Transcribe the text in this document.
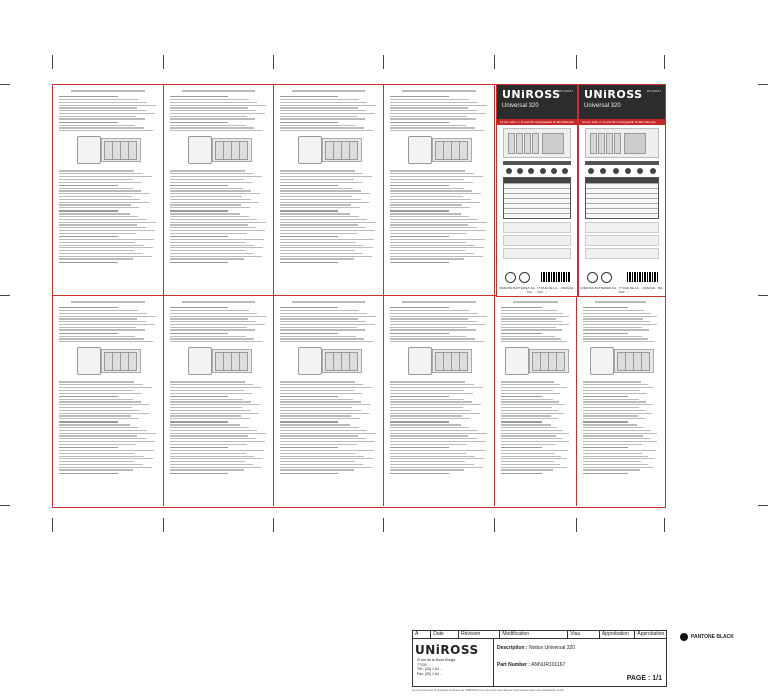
UNiROSS
RC101167
Universal 320
for AA, AAA, C, D and 9V rechargeable Ni-MH batteries
UNIROSS BATTERIES SA - 77 RUE DE LA ... FRANCE - TEL: ... FAX: ...
UNiROSS RC101167
Universal 320
for AA, AAA, C, D and 9V rechargeable Ni-MH batteries
UNIROSS BATTERIES SA - 77 RUE DE LA ... FRANCE - TEL: ... FAX: ...
A	Date	Révision	Modification	Visa	Approbation	Approbation
UNiROSS
ZI rue de la Noue Rouge
77100 ...
Tél.: (33) 1 64 ...
Fax: (33) 1 64 ...
Description : Notice Universal 320
Part Number : ANNUR101167
PAGE : 1/1
PANTONE BLACK
Ce document est la propriété exclusive de UNIROSS et ne peut être reproduit ou communiqué sans son autorisation écrite.
